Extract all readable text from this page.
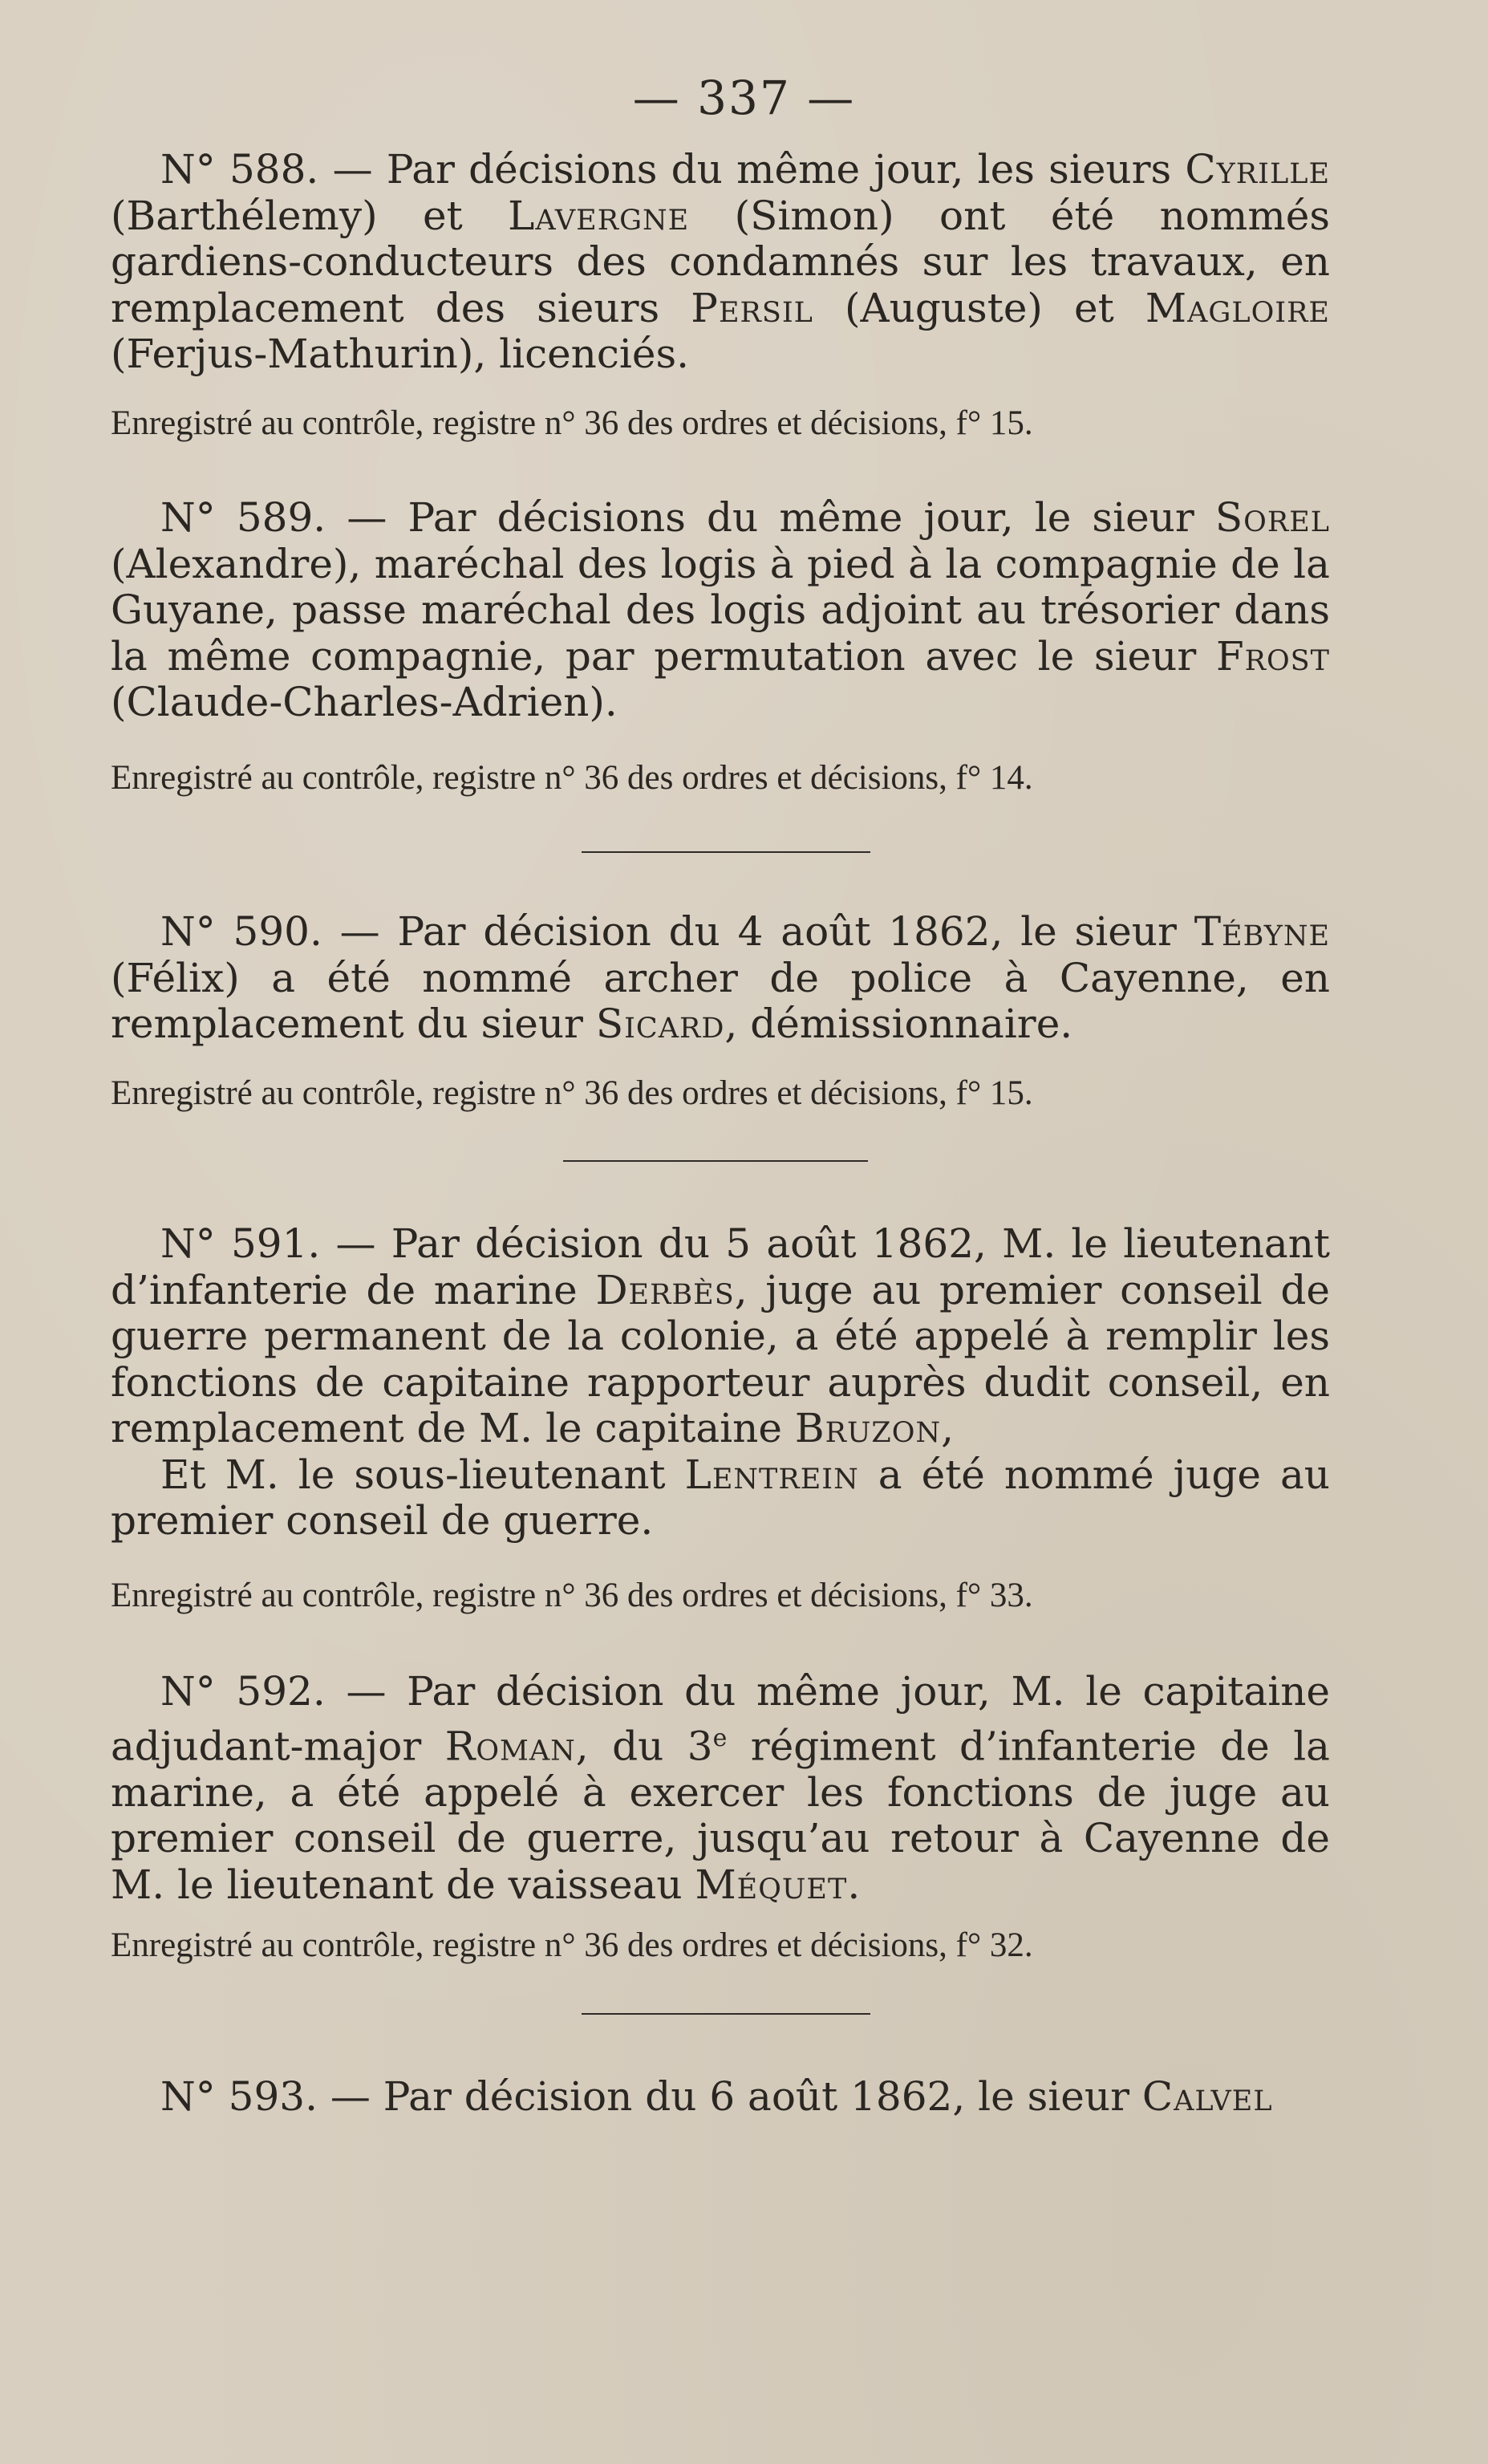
— 337 —

N° 588. — Par décisions du même jour, les sieurs Cyrille (Barthélemy) et Lavergne (Simon) ont été nommés gardiens-conducteurs des condamnés sur les travaux, en remplacement des sieurs Persil (Auguste) et Magloire (Ferjus-Mathurin), licenciés.

Enregistré au contrôle, registre n° 36 des ordres et décisions, f° 15.

N° 589. — Par décisions du même jour, le sieur Sorel (Alexandre), maréchal des logis à pied à la compagnie de la Guyane, passe maréchal des logis adjoint au trésorier dans la même compagnie, par permutation avec le sieur Frost (Claude-Charles-Adrien).

Enregistré au contrôle, registre n° 36 des ordres et décisions, f° 14.

N° 590. — Par décision du 4 août 1862, le sieur Tébyne (Félix) a été nommé archer de police à Cayenne, en remplacement du sieur Sicard, démissionnaire.

Enregistré au contrôle, registre n° 36 des ordres et décisions, f° 15.

N° 591. — Par décision du 5 août 1862, M. le lieutenant d’infanterie de marine Derbès, juge au premier conseil de guerre permanent de la colonie, a été appelé à remplir les fonctions de capitaine rapporteur auprès dudit conseil, en remplacement de M. le capitaine Bruzon,

Et M. le sous-lieutenant Lentrein a été nommé juge au premier conseil de guerre.

Enregistré au contrôle, registre n° 36 des ordres et décisions, f° 33.

N° 592. — Par décision du même jour, M. le capitaine adjudant-major Roman, du 3e régiment d’infanterie de la marine, a été appelé à exercer les fonctions de juge au premier conseil de guerre, jusqu’au retour à Cayenne de M. le lieutenant de vaisseau Méquet.

Enregistré au contrôle, registre n° 36 des ordres et décisions, f° 32.

N° 593. — Par décision du 6 août 1862, le sieur Calvel
